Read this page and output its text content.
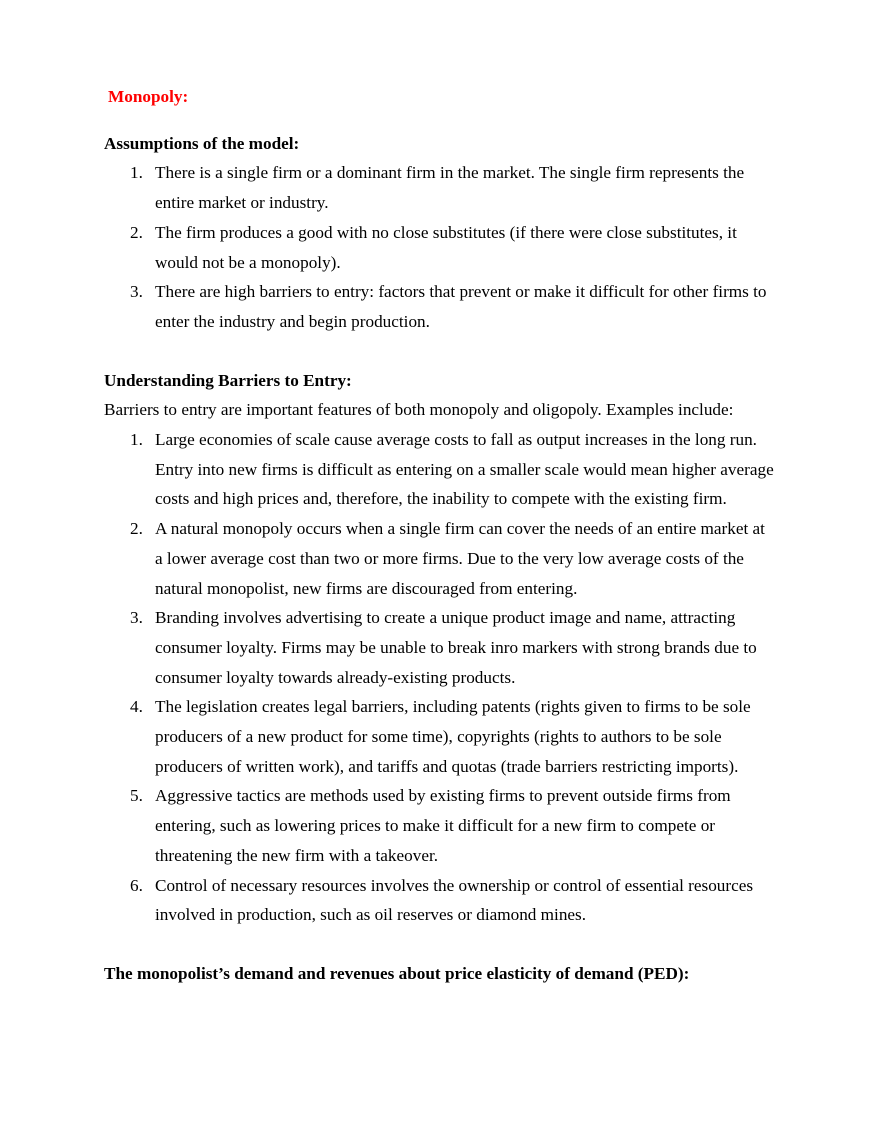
Monopoly:
Assumptions of the model:
1. There is a single firm or a dominant firm in the market. The single firm represents the
entire market or industry.
2. The firm produces a good with no close substitutes (if there were close substitutes, it
would not be a monopoly).
3. There are high barriers to entry: factors that prevent or make it difficult for other firms to
enter the industry and begin production.
Understanding Barriers to Entry:
Barriers to entry are important features of both monopoly and oligopoly. Examples include:
1. Large economies of scale cause average costs to fall as output increases in the long run.
Entry into new firms is difficult as entering on a smaller scale would mean higher average
costs and high prices and, therefore, the inability to compete with the existing firm.
2. A natural monopoly occurs when a single firm can cover the needs of an entire market at
a lower average cost than two or more firms. Due to the very low average costs of the
natural monopolist, new firms are discouraged from entering.
3. Branding involves advertising to create a unique product image and name, attracting
consumer loyalty. Firms may be unable to break inro markers with strong brands due to
consumer loyalty towards already-existing products.
4. The legislation creates legal barriers, including patents (rights given to firms to be sole
producers of a new product for some time), copyrights (rights to authors to be sole
producers of written work), and tariffs and quotas (trade barriers restricting imports).
5. Aggressive tactics are methods used by existing firms to prevent outside firms from
entering, such as lowering prices to make it difficult for a new firm to compete or
threatening the new firm with a takeover.
6. Control of necessary resources involves the ownership or control of essential resources
involved in production, such as oil reserves or diamond mines.
The monopolist’s demand and revenues about price elasticity of demand (PED):
